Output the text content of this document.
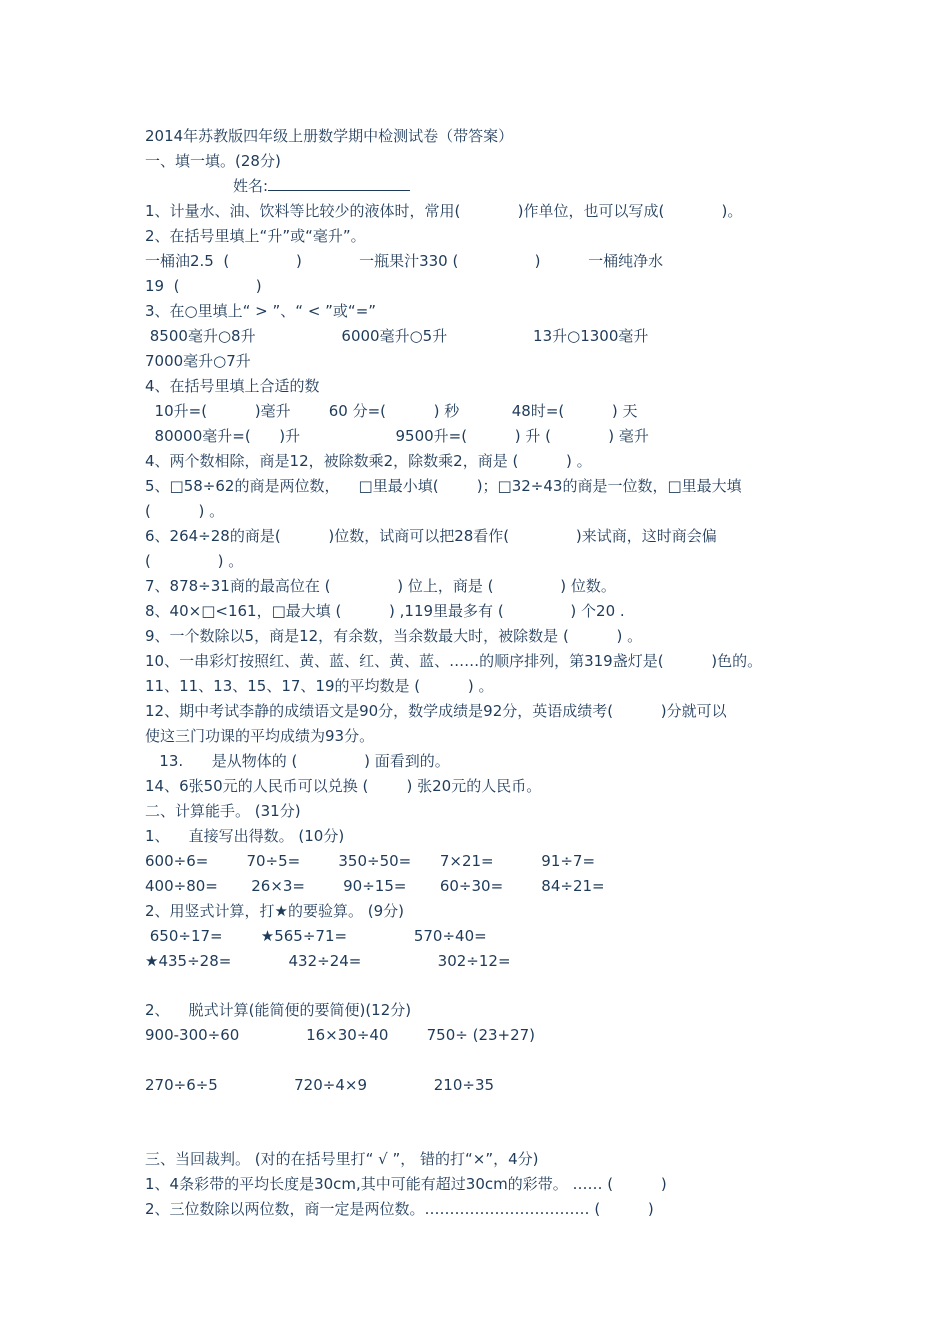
2014年苏教版四年级上册数学期中检测试卷（带答案）
一、填一填。(28分)
姓名:
1、计量水、油、饮料等比较少的液体时，常用(            )作单位，也可以写成(            )。
2、在括号里填上“升”或“毫升”。
一桶油2.5  (              )            一瓶果汁330 (                )          一桶纯净水
19  (                )
3、在○里填上“ > ”、“ < ”或“=”
8500毫升○8升                  6000毫升○5升                  13升○1300毫升
7000毫升○7升
4、在括号里填上合适的数
10升=(          )毫升        60 分=(          ) 秒           48时=(          ) 天
80000毫升=(      )升                    9500升=(          ) 升 (            ) 毫升
4、两个数相除，商是12，被除数乘2，除数乘2，商是 (          ) 。
5、□58÷62的商是两位数，    □里最小填(        )；□32÷43的商是一位数，□里最大填
(          ) 。
6、264÷28的商是(          )位数，试商可以把28看作(              )来试商，这时商会偏
(              ) 。
7、878÷31商的最高位在 (              ) 位上，商是 (              ) 位数。
8、40×□<161，□最大填 (          ) ,119里最多有 (              ) 个20 .
9、一个数除以5，商是12，有余数，当余数最大时，被除数是 (          ) 。
10、一串彩灯按照红、黄、蓝、红、黄、蓝、……的顺序排列，第319盏灯是(          )色的。
11、11、13、15、17、19的平均数是 (          ) 。
12、期中考试李静的成绩语文是90分，数学成绩是92分，英语成绩考(          )分就可以
使这三门功课的平均成绩为93分。
13.      是从物体的 (              ) 面看到的。
14、6张50元的人民币可以兑换 (        ) 张20元的人民币。
二、计算能手。 (31分)
1、    直接写出得数。 (10分)
600÷6=        70÷5=        350÷50=      7×21=          91÷7=
400÷80=       26×3=        90÷15=       60÷30=        84÷21=
2、用竖式计算，打★的要验算。 (9分)
650÷17=        ★565÷71=              570÷40=
★435÷28=            432÷24=                302÷12=
2、    脱式计算(能简便的要简便)(12分)
900-300÷60              16×30÷40        750÷ (23+27)
270÷6÷5                720÷4×9              210÷35
三、当回裁判。 (对的在括号里打“ √ ”， 错的打“×”，4分)
1、4条彩带的平均长度是30cm,其中可能有超过30cm的彩带。 …… (          )
2、三位数除以两位数，商一定是两位数。…………………………… (          )
